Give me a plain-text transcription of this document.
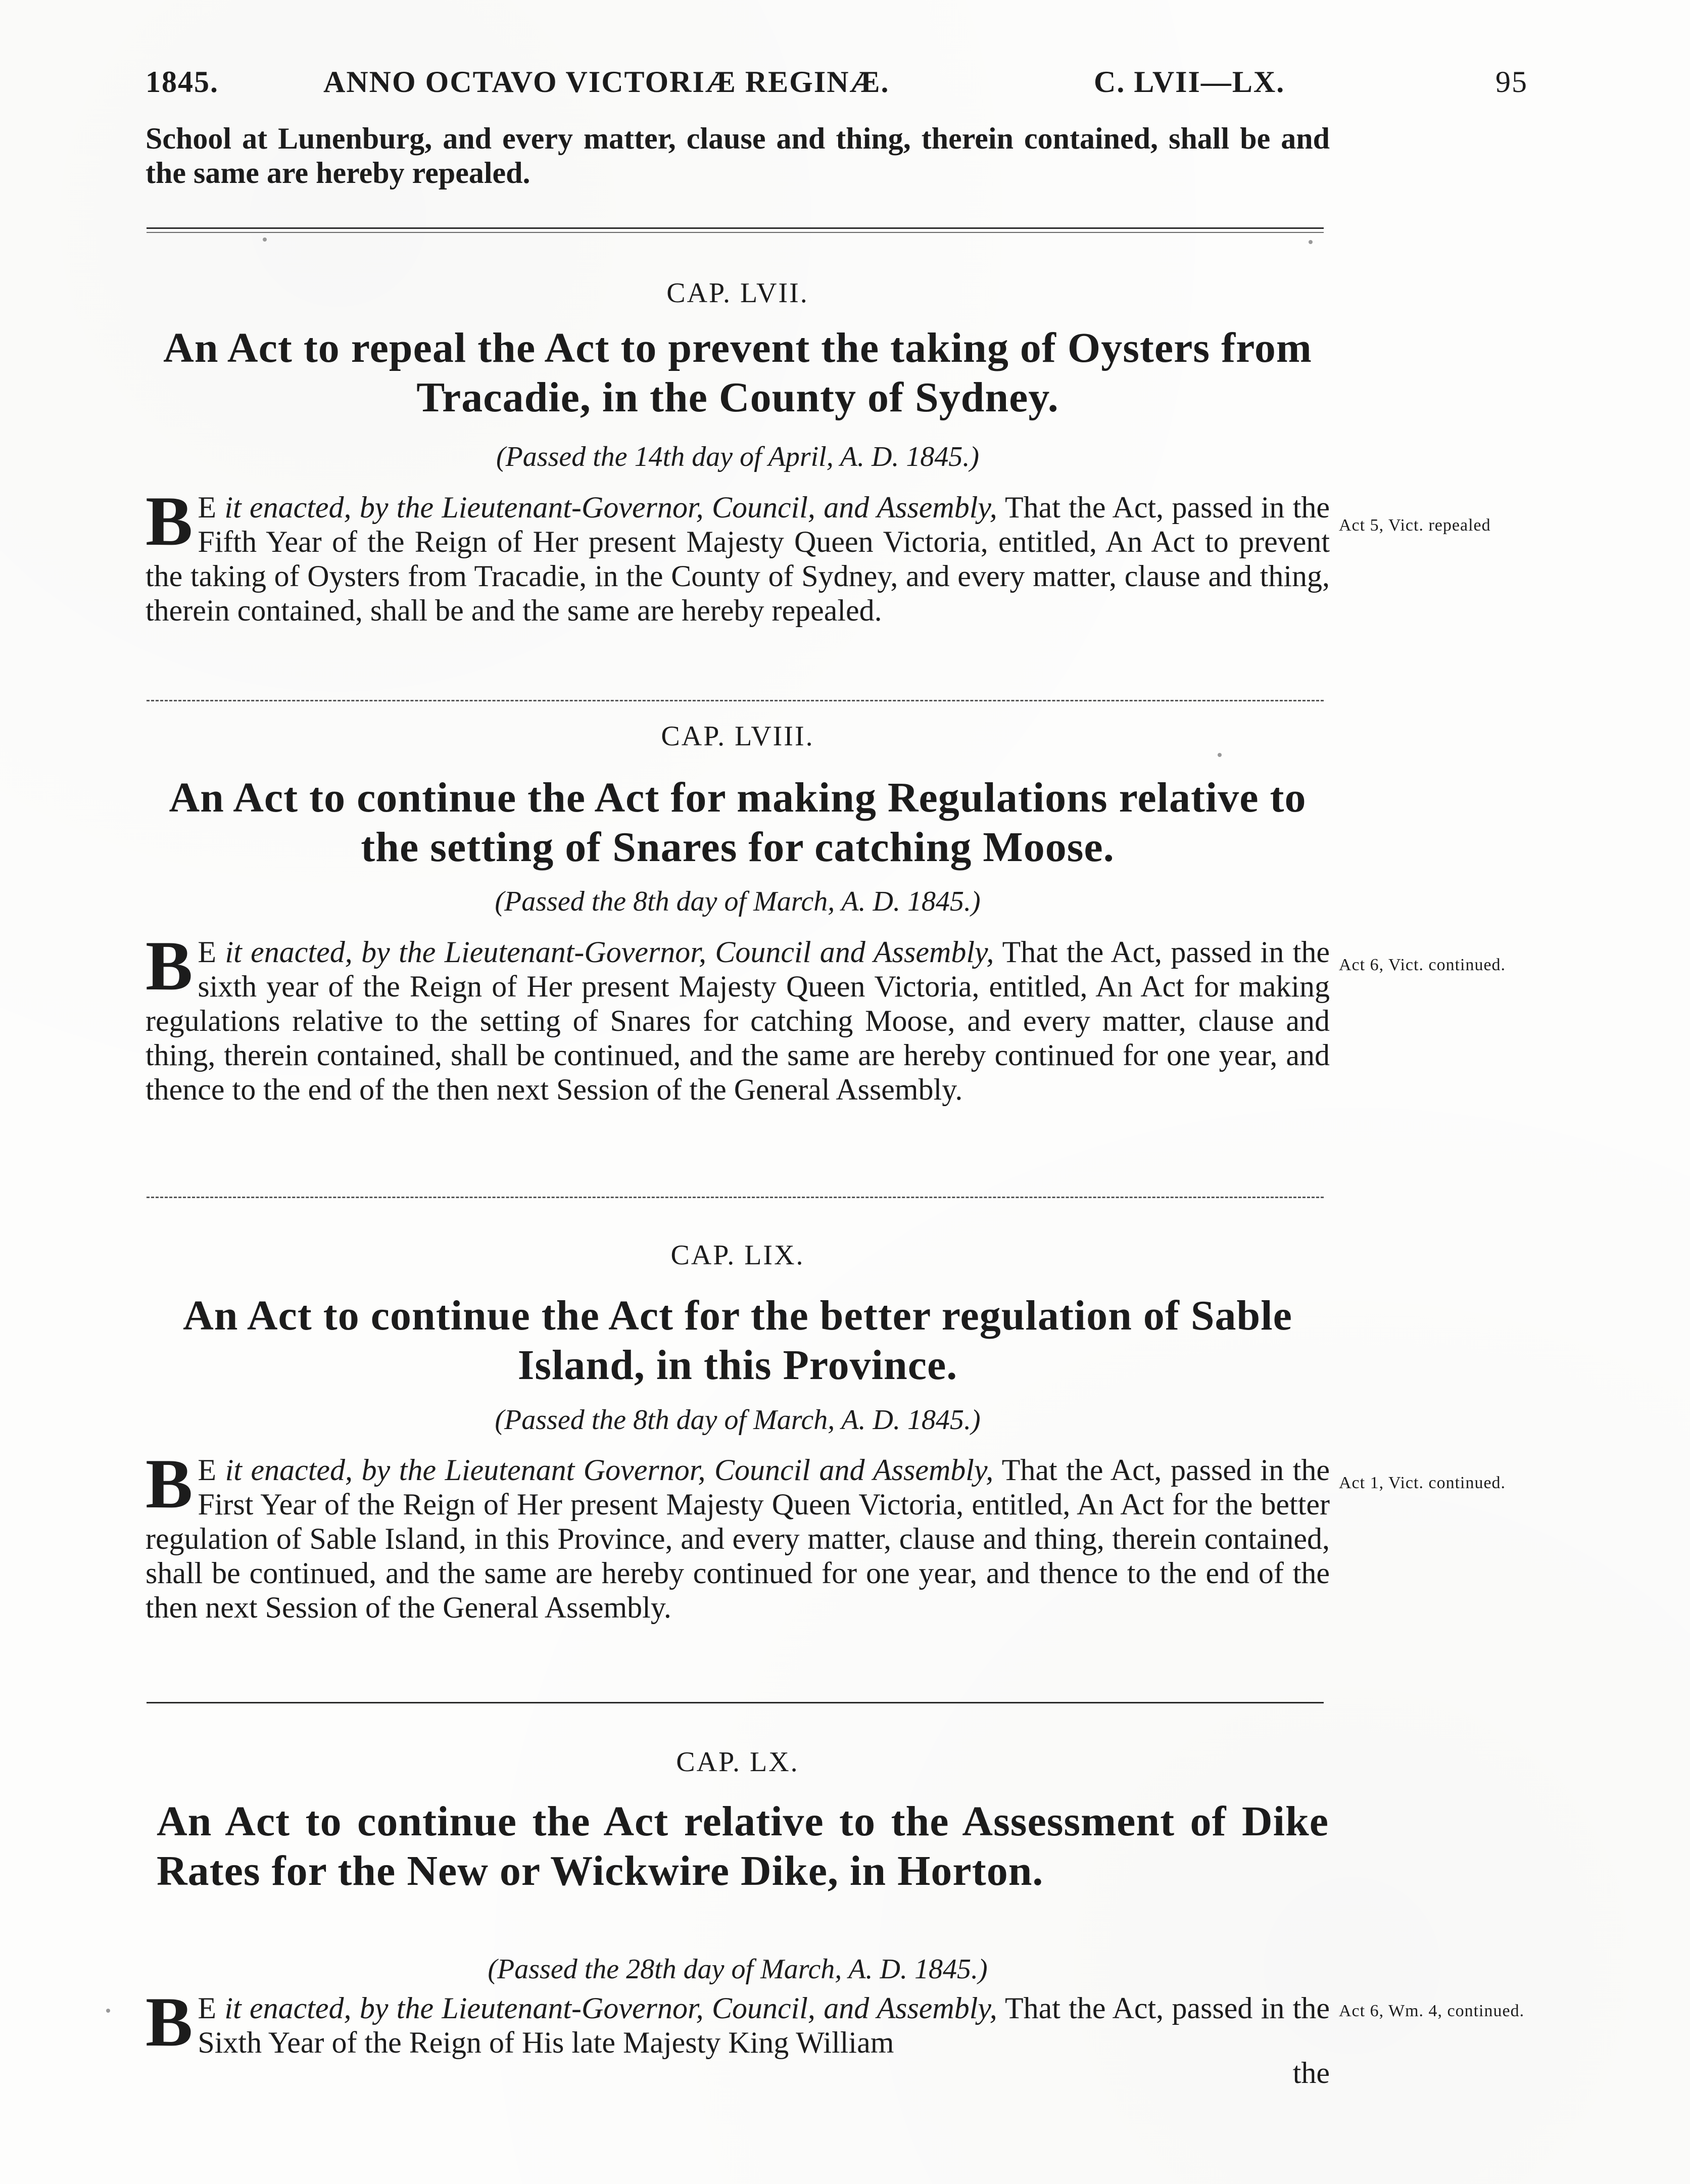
1845.	ANNO OCTAVO VICTORIÆ REGINÆ.	C. LVII—LX.	95
School at Lunenburg, and every matter, clause and thing, therein contained, shall be and the same are hereby repealed.
CAP. LVII.
An Act to repeal the Act to prevent the taking of Oysters from Tracadie, in the County of Sydney.
(Passed the 14th day of April, A. D. 1845.)
B E it enacted, by the Lieutenant-Governor, Council, and Assembly, That the Act, passed in the Fifth Year of the Reign of Her present Majesty Queen Victoria, entitled, An Act to prevent the taking of Oysters from Tracadie, in the County of Sydney, and every matter, clause and thing, therein contained, shall be and the same are hereby repealed.
Act 5, Vict. repealed
CAP. LVIII.
An Act to continue the Act for making Regulations relative to the setting of Snares for catching Moose.
(Passed the 8th day of March, A. D. 1845.)
B E it enacted, by the Lieutenant-Governor, Council and Assembly, That the Act, passed in the sixth year of the Reign of Her present Majesty Queen Victoria, entitled, An Act for making regulations relative to the setting of Snares for catching Moose, and every matter, clause and thing, therein contained, shall be continued, and the same are hereby continued for one year, and thence to the end of the then next Session of the General Assembly.
Act 6, Vict. continued.
CAP. LIX.
An Act to continue the Act for the better regulation of Sable Island, in this Province.
(Passed the 8th day of March, A. D. 1845.)
B E it enacted, by the Lieutenant Governor, Council and Assembly, That the Act, passed in the First Year of the Reign of Her present Majesty Queen Victoria, entitled, An Act for the better regulation of Sable Island, in this Province, and every matter, clause and thing, therein contained, shall be continued, and the same are hereby continued for one year, and thence to the end of the then next Session of the General Assembly.
Act 1, Vict. continued.
CAP. LX.
An Act to continue the Act relative to the Assessment of Dike Rates for the New or Wickwire Dike, in Horton.
(Passed the 28th day of March, A. D. 1845.)
B E it enacted, by the Lieutenant-Governor, Council, and Assembly, That the Act, passed in the Sixth Year of the Reign of His late Majesty King William
Act 6, Wm. 4, continued.
the
